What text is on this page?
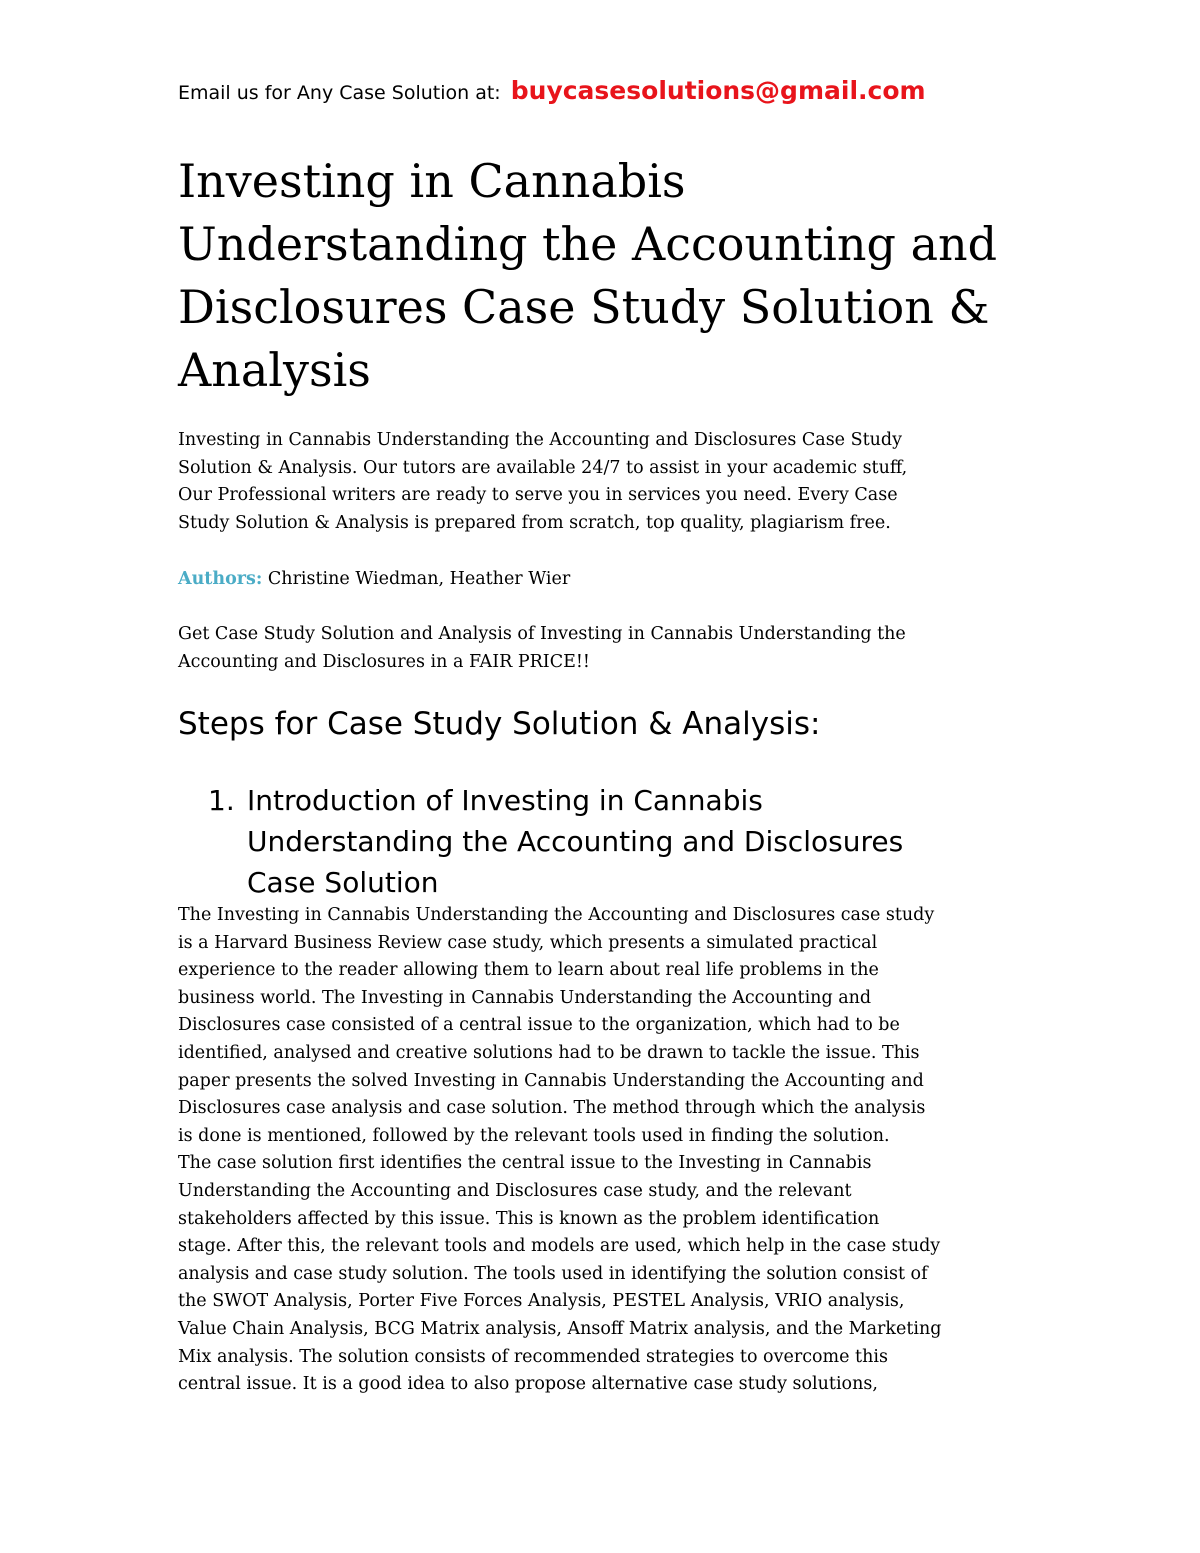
Email us for Any Case Solution at: buycasesolutions@gmail.com
Investing in Cannabis
Understanding the Accounting and
Disclosures Case Study Solution &
Analysis

Investing in Cannabis Understanding the Accounting and Disclosures Case Study
Solution & Analysis. Our tutors are available 24/7 to assist in your academic stuff,
Our Professional writers are ready to serve you in services you need. Every Case
Study Solution & Analysis is prepared from scratch, top quality, plagiarism free.

Authors: Christine Wiedman, Heather Wier

Get Case Study Solution and Analysis of Investing in Cannabis Understanding the
Accounting and Disclosures in a FAIR PRICE!!

Steps for Case Study Solution & Analysis:
1. Introduction of Investing in Cannabis
Understanding the Accounting and Disclosures
Case Solution

The Investing in Cannabis Understanding the Accounting and Disclosures case study
is a Harvard Business Review case study, which presents a simulated practical
experience to the reader allowing them to learn about real life problems in the
business world. The Investing in Cannabis Understanding the Accounting and
Disclosures case consisted of a central issue to the organization, which had to be
identified, analysed and creative solutions had to be drawn to tackle the issue. This
paper presents the solved Investing in Cannabis Understanding the Accounting and
Disclosures case analysis and case solution. The method through which the analysis
is done is mentioned, followed by the relevant tools used in finding the solution.
The case solution first identifies the central issue to the Investing in Cannabis
Understanding the Accounting and Disclosures case study, and the relevant
stakeholders affected by this issue. This is known as the problem identification
stage. After this, the relevant tools and models are used, which help in the case study
analysis and case study solution. The tools used in identifying the solution consist of
the SWOT Analysis, Porter Five Forces Analysis, PESTEL Analysis, VRIO analysis,
Value Chain Analysis, BCG Matrix analysis, Ansoff Matrix analysis, and the Marketing
Mix analysis. The solution consists of recommended strategies to overcome this
central issue. It is a good idea to also propose alternative case study solutions,
